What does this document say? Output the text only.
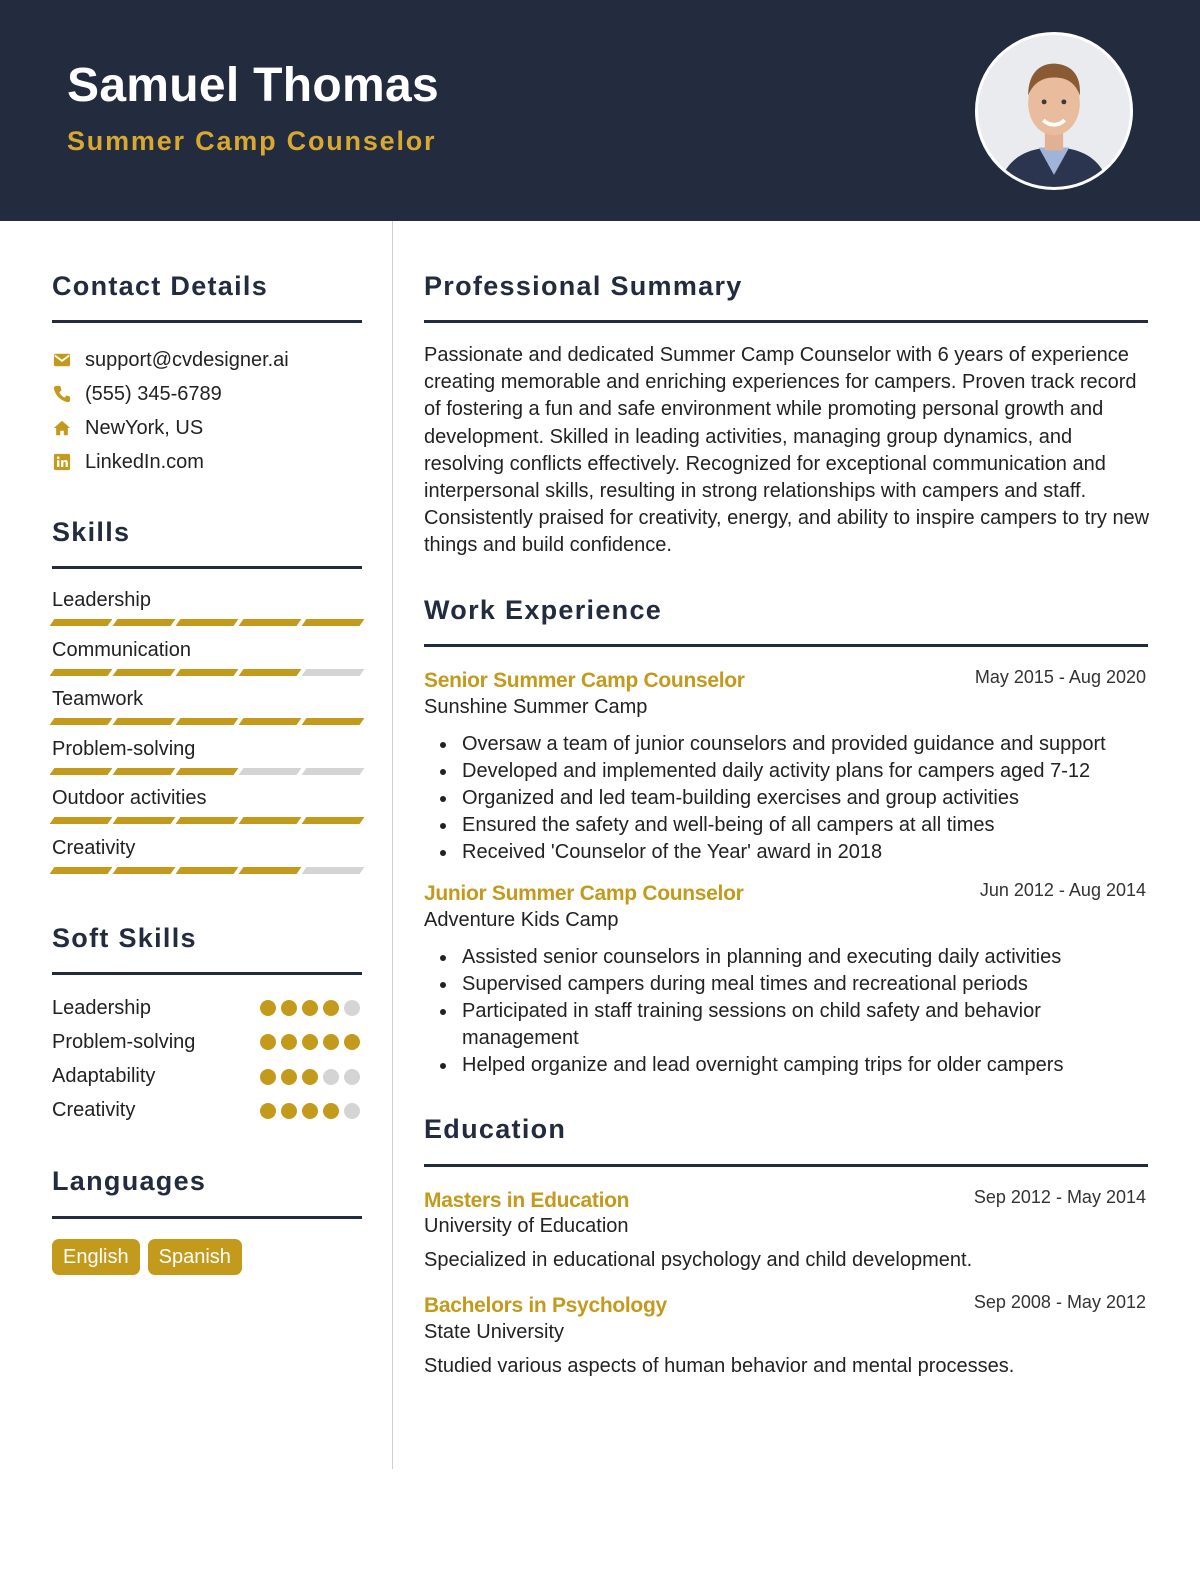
Samuel Thomas
Summer Camp Counselor
Contact Details
support@cvdesigner.ai
(555) 345-6789
NewYork, US
LinkedIn.com
Skills
Leadership
Communication
Teamwork
Problem-solving
Outdoor activities
Creativity
Soft Skills
Leadership
Problem-solving
Adaptability
Creativity
Languages
English	Spanish
Professional Summary
Passionate and dedicated Summer Camp Counselor with 6 years of experience creating memorable and enriching experiences for campers. Proven track record of fostering a fun and safe environment while promoting personal growth and development. Skilled in leading activities, managing group dynamics, and resolving conflicts effectively. Recognized for exceptional communication and interpersonal skills, resulting in strong relationships with campers and staff. Consistently praised for creativity, energy, and ability to inspire campers to try new things and build confidence.
Work Experience
Senior Summer Camp Counselor	May 2015 - Aug 2020
Sunshine Summer Camp
Oversaw a team of junior counselors and provided guidance and support
Developed and implemented daily activity plans for campers aged 7-12
Organized and led team-building exercises and group activities
Ensured the safety and well-being of all campers at all times
Received 'Counselor of the Year' award in 2018
Junior Summer Camp Counselor	Jun 2012 - Aug 2014
Adventure Kids Camp
Assisted senior counselors in planning and executing daily activities
Supervised campers during meal times and recreational periods
Participated in staff training sessions on child safety and behavior management
Helped organize and lead overnight camping trips for older campers
Education
Masters in Education	Sep 2012 - May 2014
University of Education
Specialized in educational psychology and child development.
Bachelors in Psychology	Sep 2008 - May 2012
State University
Studied various aspects of human behavior and mental processes.
